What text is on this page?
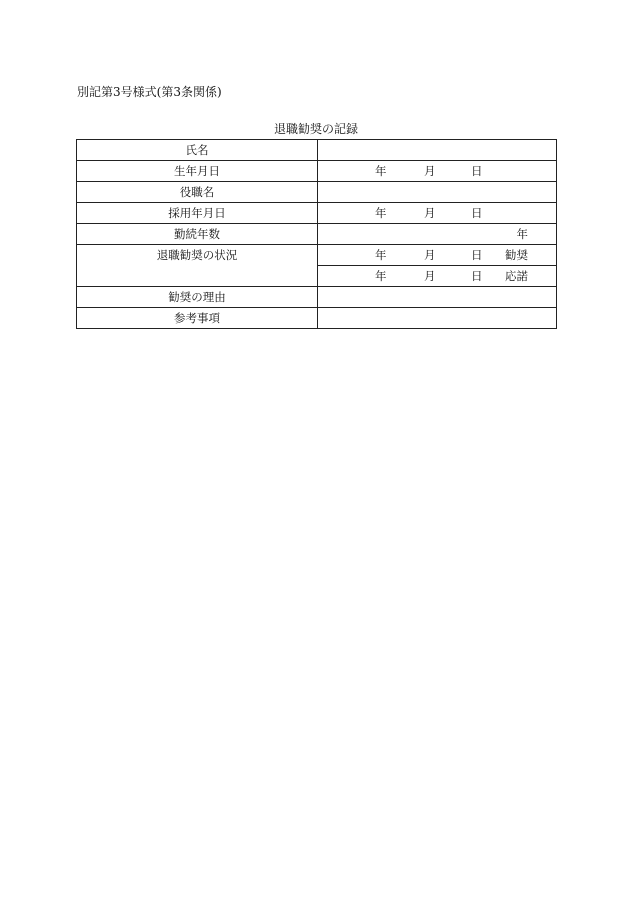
別記第3号様式(第3条関係)
退職勧奨の記録
氏名	
生年月日	年 月 日

役職名	
採用年月日	年 月 日

勤続年数	年

退職勧奨の状況	年 月 日 勧奨

	年 月 日 応諾

勧奨の理由	
参考事項	
